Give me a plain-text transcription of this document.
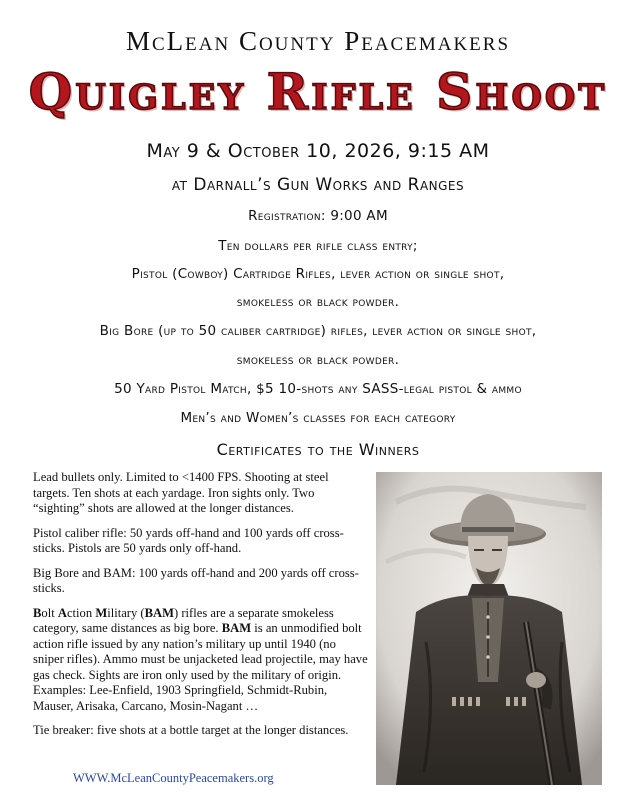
McLean County Peacemakers
Quigley Rifle Shoot
May 9 & October 10, 2026, 9:15 AM
at Darnall’s Gun Works and Ranges
Registration: 9:00 AM
Ten dollars per rifle class entry;
Pistol (Cowboy) Cartridge Rifles, lever action or single shot,
smokeless or black powder.
Big Bore (up to 50 caliber cartridge) rifles, lever action or single shot,
smokeless or black powder.
50 Yard Pistol Match, $5 10-shots any SASS-legal pistol & ammo
Men’s and Women’s classes for each category
Certificates to the Winners

Lead bullets only. Limited to <1400 FPS. Shooting at steel targets. Ten shots at each yardage. Iron sights only. Two “sighting” shots are allowed at the longer distances.

Pistol caliber rifle: 50 yards off-hand and 100 yards off cross-sticks. Pistols are 50 yards only off-hand.

Big Bore and BAM: 100 yards off-hand and 200 yards off cross-sticks.

Bolt Action Military (BAM) rifles are a separate smokeless category, same distances as big bore. BAM is an unmodified bolt action rifle issued by any nation’s military up until 1940 (no sniper rifles). Ammo must be unjacketed lead projectile, may have gas check. Sights are iron only used by the military of origin. Examples: Lee-Enfield, 1903 Springfield, Schmidt-Rubin, Mauser, Arisaka, Carcano, Mosin-Nagant …

Tie breaker: five shots at a bottle target at the longer distances.

WWW.McLeanCountyPeacemakers.org
